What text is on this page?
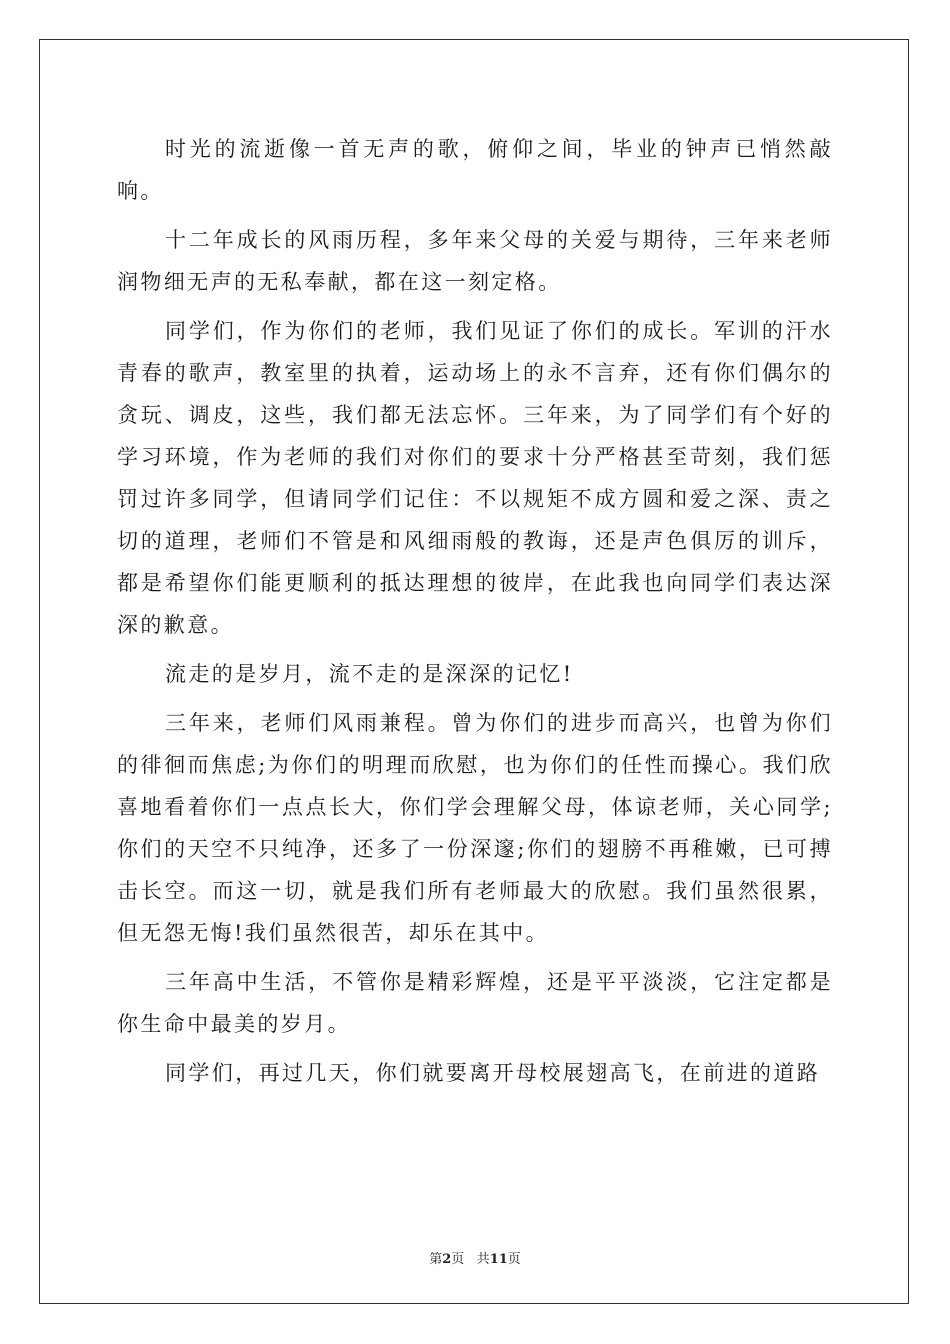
时光的流逝像一首无声的歌，俯仰之间，毕业的钟声已悄然敲响。

十二年成长的风雨历程，多年来父母的关爱与期待，三年来老师润物细无声的无私奉献，都在这一刻定格。

同学们，作为你们的老师，我们见证了你们的成长。军训的汗水青春的歌声，教室里的执着，运动场上的永不言弃，还有你们偶尔的贪玩、调皮，这些，我们都无法忘怀。三年来，为了同学们有个好的学习环境，作为老师的我们对你们的要求十分严格甚至苛刻，我们惩罚过许多同学，但请同学们记住：不以规矩不成方圆和爱之深、责之切的道理，老师们不管是和风细雨般的教诲，还是声色俱厉的训斥，都是希望你们能更顺利的抵达理想的彼岸，在此我也向同学们表达深深的歉意。

流走的是岁月，流不走的是深深的记忆!

三年来，老师们风雨兼程。曾为你们的进步而高兴，也曾为你们的徘徊而焦虑;为你们的明理而欣慰，也为你们的任性而操心。我们欣喜地看着你们一点点长大，你们学会理解父母，体谅老师，关心同学;你们的天空不只纯净，还多了一份深邃;你们的翅膀不再稚嫩，已可搏击长空。而这一切，就是我们所有老师最大的欣慰。我们虽然很累，但无怨无悔!我们虽然很苦，却乐在其中。

三年高中生活，不管你是精彩辉煌，还是平平淡淡，它注定都是你生命中最美的岁月。

同学们，再过几天，你们就要离开母校展翅高飞，在前进的道路

第2页 共11页
